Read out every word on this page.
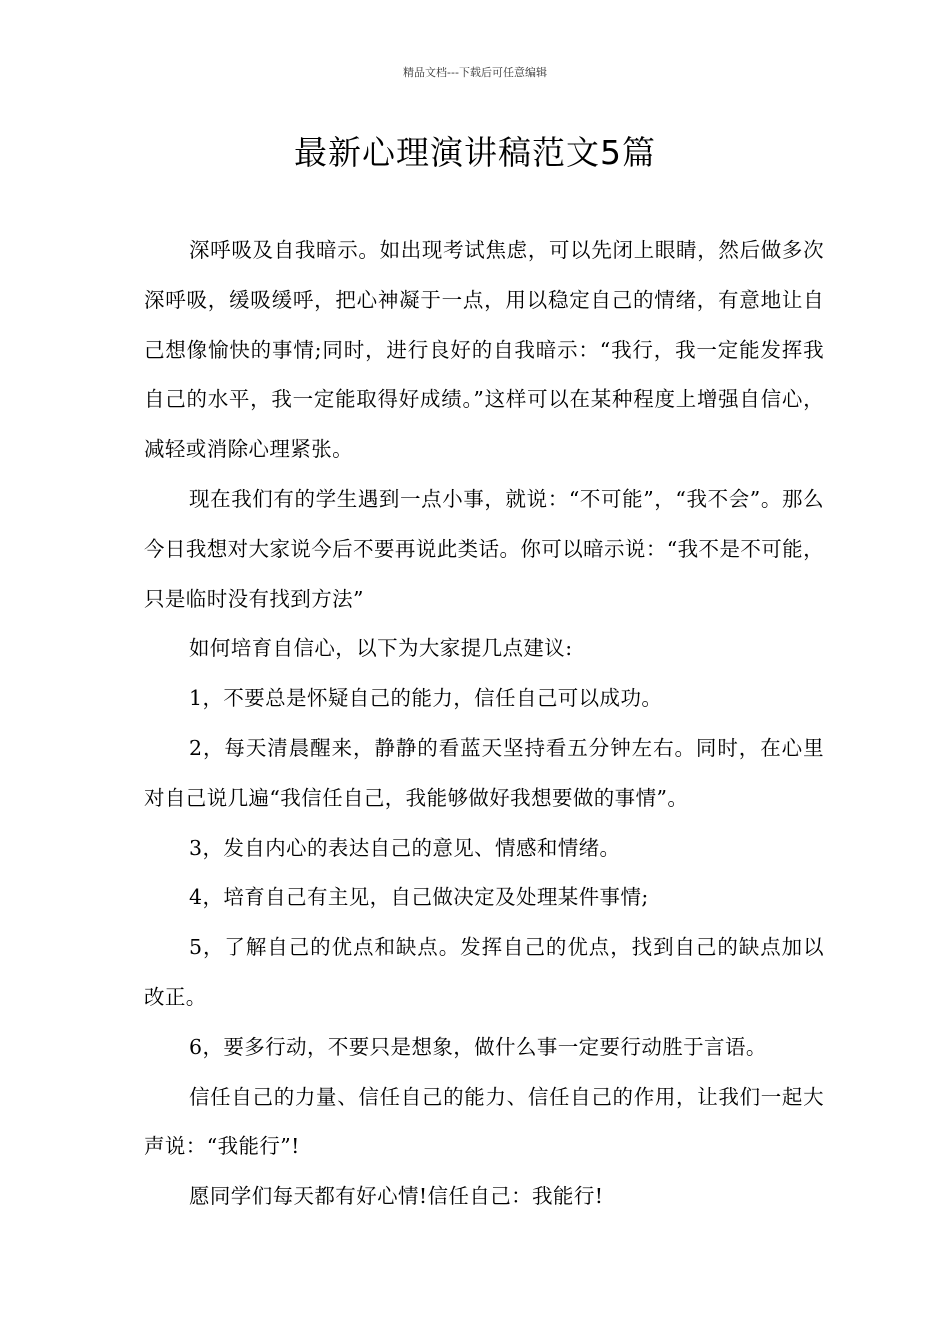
精品文档---下载后可任意编辑
最新心理演讲稿范文5篇

深呼吸及自我暗示。如出现考试焦虑，可以先闭上眼睛，然后做多次深呼吸，缓吸缓呼，把心神凝于一点，用以稳定自己的情绪，有意地让自己想像愉快的事情;同时，进行良好的自我暗示：“我行，我一定能发挥我自己的水平，我一定能取得好成绩。”这样可以在某种程度上增强自信心，减轻或消除心理紧张。

现在我们有的学生遇到一点小事，就说：“不可能”，“我不会”。那么今日我想对大家说今后不要再说此类话。你可以暗示说：“我不是不可能，只是临时没有找到方法”

如何培育自信心，以下为大家提几点建议:

1，不要总是怀疑自己的能力，信任自己可以成功。

2，每天清晨醒来，静静的看蓝天坚持看五分钟左右。同时，在心里对自己说几遍“我信任自己，我能够做好我想要做的事情”。

3，发自内心的表达自己的意见、情感和情绪。

4，培育自己有主见，自己做决定及处理某件事情;

5，了解自己的优点和缺点。发挥自己的优点，找到自己的缺点加以改正。

6，要多行动，不要只是想象，做什么事一定要行动胜于言语。

信任自己的力量、信任自己的能力、信任自己的作用，让我们一起大声说：“我能行”!

愿同学们每天都有好心情!信任自己：我能行!
